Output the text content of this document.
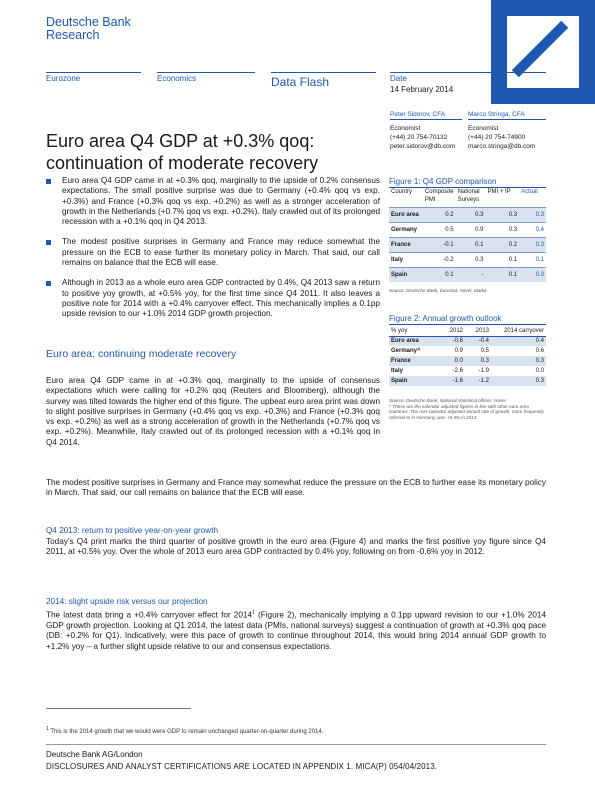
Deutsche Bank
Research
Eurozone	Economics	Data Flash	Date
14 February 2014
Peter Sidorov, CFA	Marco Stringa, CFA
Economist	Economist
(+44) 20 754-70132	(+44) 20 754-74900
peter.sidorov@db.com marco.stringa@db.com
Euro area Q4 GDP at +0.3% qoq: continuation of moderate recovery
Euro area Q4 GDP came in at +0.3% qoq, marginally to the upside of 0.2% consensus expectations. The small positive surprise was due to Germany (+0.4% qoq vs exp. +0.3%) and France (+0.3% qoq vs exp. +0.2%) as well as a stronger acceleration of growth in the Netherlands (+0.7% qoq vs exp. +0.2%). Italy crawled out of its prolonged recession with a +0.1% qoq in Q4 2013.
The modest positive surprises in Germany and France may reduce somewhat the pressure on the ECB to ease further its monetary policy in March. That said, our call remains on balance that the ECB will ease.
Although in 2013 as a whole euro area GDP contracted by 0.4%, Q4 2013 saw a return to positive yoy growth, at +0.5% yoy, for the first time since Q4 2011. It also leaves a positive note for 2014 with a +0.4% carryover effect. This mechanically implies a 0.1pp upside revision to our +1.0% 2014 GDP growth projection.
Euro area: continuing moderate recovery
Euro area Q4 GDP came in at +0.3% qoq, marginally to the upside of consensus expectations which were calling for +0.2% qoq (Reuters and Bloomberg), although the survey was tilted towards the higher end of this figure. The upbeat euro area print was down to slight positive surprises in Germany (+0.4% qoq vs exp. +0.3%) and France (+0.3% qoq vs exp. +0.2%) as well as a strong acceleration of growth in the Netherlands (+0.7% qoq vs exp. +0.2%). Meanwhile, Italy crawled out of its prolonged recession with a +0.1% qoq in Q4 2014.
The modest positive surprises in Germany and France may somewhat reduce the pressure on the ECB to further ease its monetary policy in March. That said, our call remains on balance that the ECB will ease.
Q4 2013: return to positive year-on-year growth
Today’s Q4 print marks the third quarter of positive growth in the euro area (Figure 4) and marks the first positive yoy figure since Q4 2011, at +0.5% yoy. Over the whole of 2013 euro area GDP contracted by 0.4% yoy, following on from -0.6% yoy in 2012.
2014: slight upside risk versus our projection
The latest data bring a +0.4% carryover effect for 2014$^1$ (Figure 2), mechanically implying a 0.1pp upward revision to our +1.0% 2014 GDP growth projection. Looking at Q1 2014, the latest data (PMIs, national surveys) suggest a continuation of growth at +0.3% qoq pace (DB: +0.2% for Q1). Indicatively, were this pace of growth to continue throughout 2014, this would bring 2014 annual GDP growth to +1.2% yoy – a further slight upside relative to our and consensus expectations.
Figure 1: Q4 GDP comparison
Country	Composite PMI	National Surveys	PMI + IP	Actual
Euro area	0.2	0.3	0.3	0.3
Germany	0.5	0.9	0.3	0.4
France	-0.1	0.1	0.2	0.3
Italy	-0.2	0.3	0.1	0.1
Spain	0.1	-	0.1	0.3
Source: Deutsche Bank, Eurostat, Haver, Markit
Figure 2: Annual growth outlook
% yoy	2012	2013	2014 carryover
Euro area	-0.6	-0.4	0.4
Germany^	0.9	0.5	0.6
France	0.0	0.3	0.3
Italy	-2.6	-1.9	0.0
Spain	-1.6	-1.2	0.3
Source: Deutsche Bank, National statistical offices, Haver
^ These are the calendar adjusted figures in line with other euro area countries. The non-calendar adjusted annual rate of growth, more frequently referred to in Germany, was +0.4% in 2013.
$^1$ This is the 2014 growth that we would were GDP to remain unchanged quarter-on-quarter during 2014.
Deutsche Bank AG/London
DISCLOSURES AND ANALYST CERTIFICATIONS ARE LOCATED IN APPENDIX 1. MICA(P) 054/04/2013.
